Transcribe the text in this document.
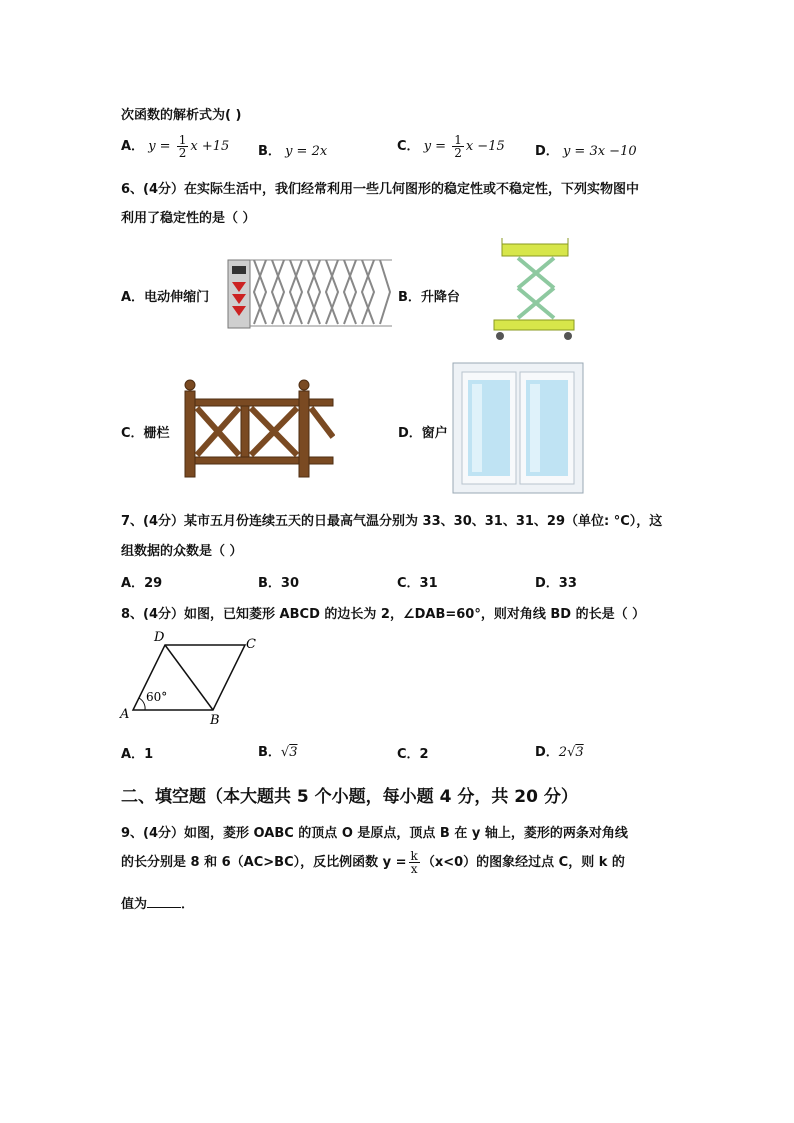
次函数的解析式为( )
A． $y = \frac{1}{2}$ x +15 B． y = 2x	C． $y = \frac{1}{2}$ x −15 D． y = 3x −10
6、(4分）在实际生活中，我们经常利用一些几何图形的稳定性或不稳定性，下列实物图中
利用了稳定性的是（ ）
A．电动伸缩门	B．升降台
C．栅栏	D．窗户
7、(4分）某市五月份连续五天的日最高气温分别为 33、30、31、31、29（单位: °C），这
组数据的众数是（ ）
A．29	B．30	C．31	D．33
8、(4分）如图，已知菱形 ABCD 的边长为 2，∠DAB=60°，则对角线 BD 的长是（ ）
A	B
C
D
60°
A．1	B．√3	C．2	D．2√3
二、填空题（本大题共 5 个小题，每小题 4 分，共 20 分）
9、(4分）如图，菱形 OABC 的顶点 O 是原点，顶点 B 在 y 轴上，菱形的两条对角线
的长分别是 8 和 6（AC>BC），反比例函数 $y = \frac{k}{x} (x<0)$的图象经过点 C，则 k 的
值为	．
